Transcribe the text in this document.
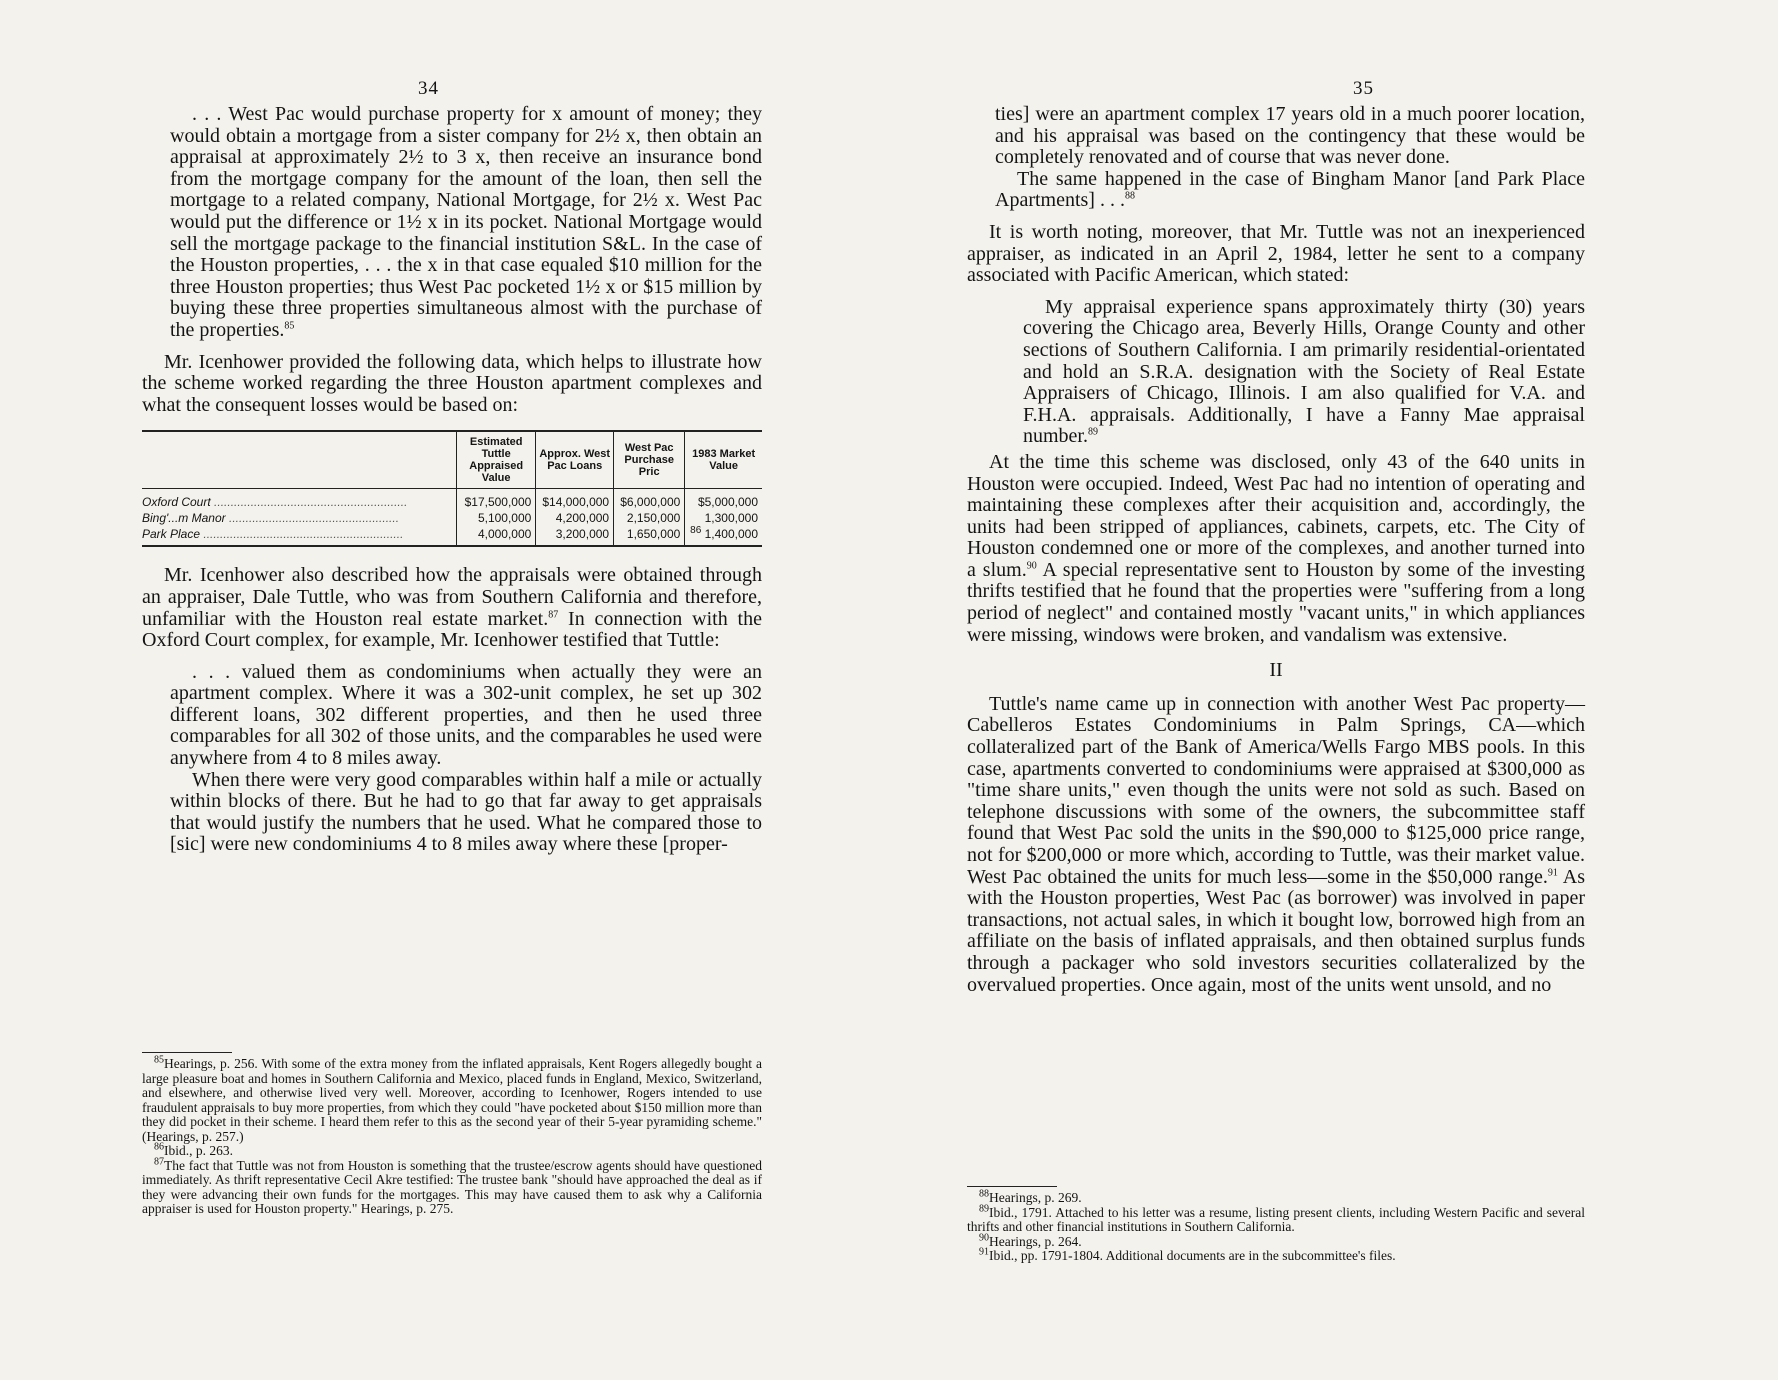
34

. . . West Pac would purchase property for x amount of money; they would obtain a mortgage from a sister company for 2½ x, then obtain an appraisal at approximately 2½ to 3 x, then receive an insurance bond from the mortgage company for the amount of the loan, then sell the mortgage to a related company, National Mortgage, for 2½ x. West Pac would put the difference or 1½ x in its pocket. National Mortgage would sell the mortgage package to the financial institution S&L. In the case of the Houston properties, . . . the x in that case equaled $10 million for the three Houston properties; thus West Pac pocketed 1½ x or $15 million by buying these three properties simultaneous almost with the purchase of the properties.$^{85}$

Mr. Icenhower provided the following data, which helps to illustrate how the scheme worked regarding the three Houston apartment complexes and what the consequent losses would be based on:

	Estimated Tuttle Appraised Value	Approx. West Pac Loans	West Pac Purchase Pric	1983 Market Value
Oxford Court ..........................................................	$17,500,000	$14,000,000	$6,000,000	$5,000,000
Bing'...m Manor ...................................................	5,100,000	4,200,000	2,150,000	1,300,000
Park Place ............................................................	4,000,000	3,200,000	1,650,000	$^{86}$ 1,400,000

Mr. Icenhower also described how the appraisals were obtained through an appraiser, Dale Tuttle, who was from Southern California and therefore, unfamiliar with the Houston real estate market.$^{87}$ In connection with the Oxford Court complex, for example, Mr. Icenhower testified that Tuttle:

. . . valued them as condominiums when actually they were an apartment complex. Where it was a 302-unit complex, he set up 302 different loans, 302 different properties, and then he used three comparables for all 302 of those units, and the comparables he used were anywhere from 4 to 8 miles away.

When there were very good comparables within half a mile or actually within blocks of there. But he had to go that far away to get appraisals that would justify the numbers that he used. What he compared those to [sic] were new condominiums 4 to 8 miles away where these [proper-

$^{85}$Hearings, p. 256. With some of the extra money from the inflated appraisals, Kent Rogers allegedly bought a large pleasure boat and homes in Southern California and Mexico, placed funds in England, Mexico, Switzerland, and elsewhere, and otherwise lived very well. Moreover, according to Icenhower, Rogers intended to use fraudulent appraisals to buy more properties, from which they could "have pocketed about $150 million more than they did pocket in their scheme. I heard them refer to this as the second year of their 5-year pyramiding scheme." (Hearings, p. 257.)

$^{86}$Ibid., p. 263.

$^{87}$The fact that Tuttle was not from Houston is something that the trustee/escrow agents should have questioned immediately. As thrift representative Cecil Akre testified: The trustee bank "should have approached the deal as if they were advancing their own funds for the mortgages. This may have caused them to ask why a California appraiser is used for Houston property." Hearings, p. 275.

35

ties] were an apartment complex 17 years old in a much poorer location, and his appraisal was based on the contingency that these would be completely renovated and of course that was never done.

The same happened in the case of Bingham Manor [and Park Place Apartments] . . .$^{88}$

It is worth noting, moreover, that Mr. Tuttle was not an inexperienced appraiser, as indicated in an April 2, 1984, letter he sent to a company associated with Pacific American, which stated:

My appraisal experience spans approximately thirty (30) years covering the Chicago area, Beverly Hills, Orange County and other sections of Southern California. I am primarily residential-orientated and hold an S.R.A. designation with the Society of Real Estate Appraisers of Chicago, Illinois. I am also qualified for V.A. and F.H.A. appraisals. Additionally, I have a Fanny Mae appraisal number.$^{89}$

At the time this scheme was disclosed, only 43 of the 640 units in Houston were occupied. Indeed, West Pac had no intention of operating and maintaining these complexes after their acquisition and, accordingly, the units had been stripped of appliances, cabinets, carpets, etc. The City of Houston condemned one or more of the complexes, and another turned into a slum.$^{90}$ A special representative sent to Houston by some of the investing thrifts testified that he found that the properties were "suffering from a long period of neglect" and contained mostly "vacant units," in which appliances were missing, windows were broken, and vandalism was extensive.

II

Tuttle's name came up in connection with another West Pac property—Cabelleros Estates Condominiums in Palm Springs, CA—which collateralized part of the Bank of America/Wells Fargo MBS pools. In this case, apartments converted to condominiums were appraised at $300,000 as "time share units," even though the units were not sold as such. Based on telephone discussions with some of the owners, the subcommittee staff found that West Pac sold the units in the $90,000 to $125,000 price range, not for $200,000 or more which, according to Tuttle, was their market value. West Pac obtained the units for much less—some in the $50,000 range.$^{91}$ As with the Houston properties, West Pac (as borrower) was involved in paper transactions, not actual sales, in which it bought low, borrowed high from an affiliate on the basis of inflated appraisals, and then obtained surplus funds through a packager who sold investors securities collateralized by the overvalued properties. Once again, most of the units went unsold, and no

$^{88}$Hearings, p. 269.

$^{89}$Ibid., 1791. Attached to his letter was a resume, listing present clients, including Western Pacific and several thrifts and other financial institutions in Southern California.

$^{90}$Hearings, p. 264.

$^{91}$Ibid., pp. 1791-1804. Additional documents are in the subcommittee's files.
